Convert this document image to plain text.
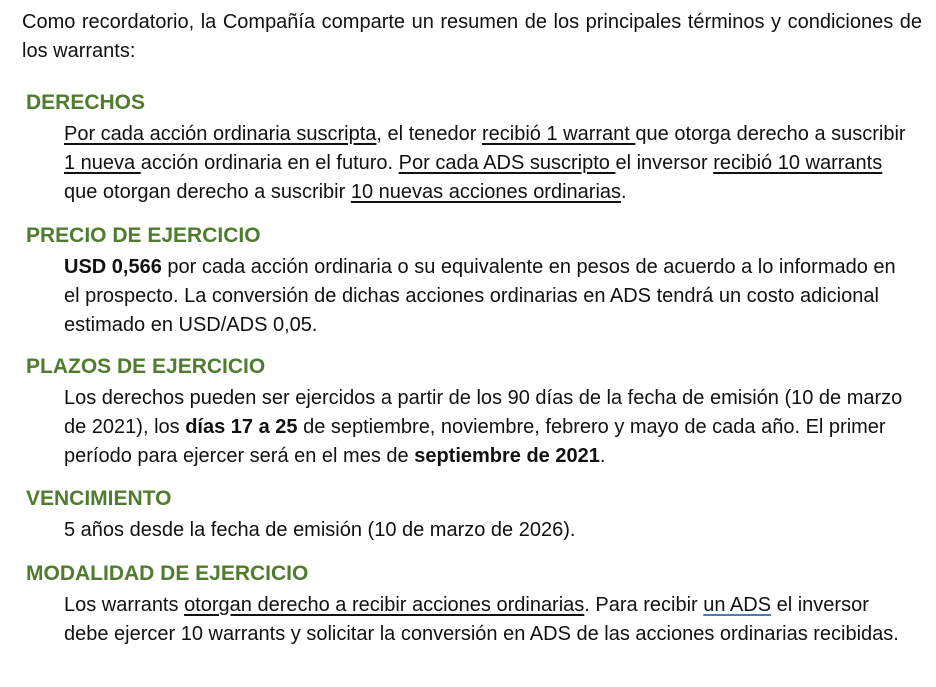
Como recordatorio, la Compañía comparte un resumen de los principales términos y condiciones de los warrants:

DERECHOS

Por cada acción ordinaria suscripta, el tenedor recibió 1 warrant que otorga derecho a suscribir 1 nueva acción ordinaria en el futuro. Por cada ADS suscripto el inversor recibió 10 warrants que otorgan derecho a suscribir 10 nuevas acciones ordinarias.

PRECIO DE EJERCICIO

USD 0,566 por cada acción ordinaria o su equivalente en pesos de acuerdo a lo informado en el prospecto. La conversión de dichas acciones ordinarias en ADS tendrá un costo adicional estimado en USD/ADS 0,05.

PLAZOS DE EJERCICIO

Los derechos pueden ser ejercidos a partir de los 90 días de la fecha de emisión (10 de marzo de 2021), los días 17 a 25 de septiembre, noviembre, febrero y mayo de cada año. El primer período para ejercer será en el mes de septiembre de 2021.

VENCIMIENTO

5 años desde la fecha de emisión (10 de marzo de 2026).

MODALIDAD DE EJERCICIO

Los warrants otorgan derecho a recibir acciones ordinarias. Para recibir un ADS el inversor debe ejercer 10 warrants y solicitar la conversión en ADS de las acciones ordinarias recibidas.
